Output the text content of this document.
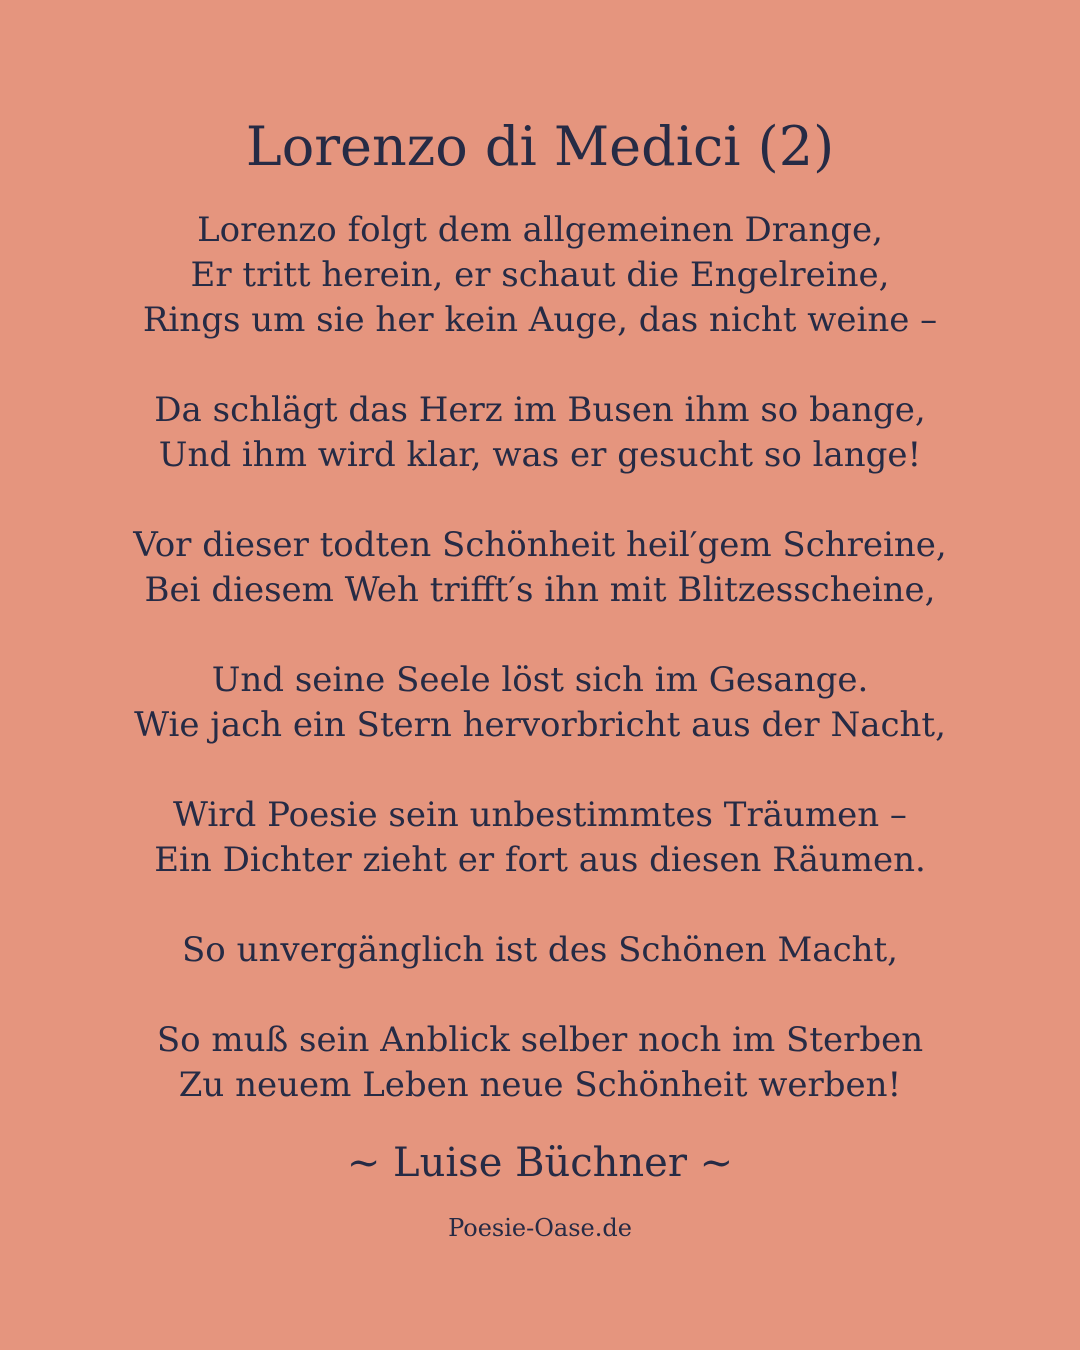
Lorenzo di Medici (2)
Lorenzo folgt dem allgemeinen Drange,
Er tritt herein, er schaut die Engelreine,
Rings um sie her kein Auge, das nicht weine –
Da schlägt das Herz im Busen ihm so bange,
Und ihm wird klar, was er gesucht so lange!
Vor dieser todten Schönheit heil′gem Schreine,
Bei diesem Weh trifft′s ihn mit Blitzesscheine,
Und seine Seele löst sich im Gesange.
Wie jach ein Stern hervorbricht aus der Nacht,
Wird Poesie sein unbestimmtes Träumen –
Ein Dichter zieht er fort aus diesen Räumen.
So unvergänglich ist des Schönen Macht,
So muß sein Anblick selber noch im Sterben
Zu neuem Leben neue Schönheit werben!
~ Luise Büchner ~
Poesie-Oase.de
